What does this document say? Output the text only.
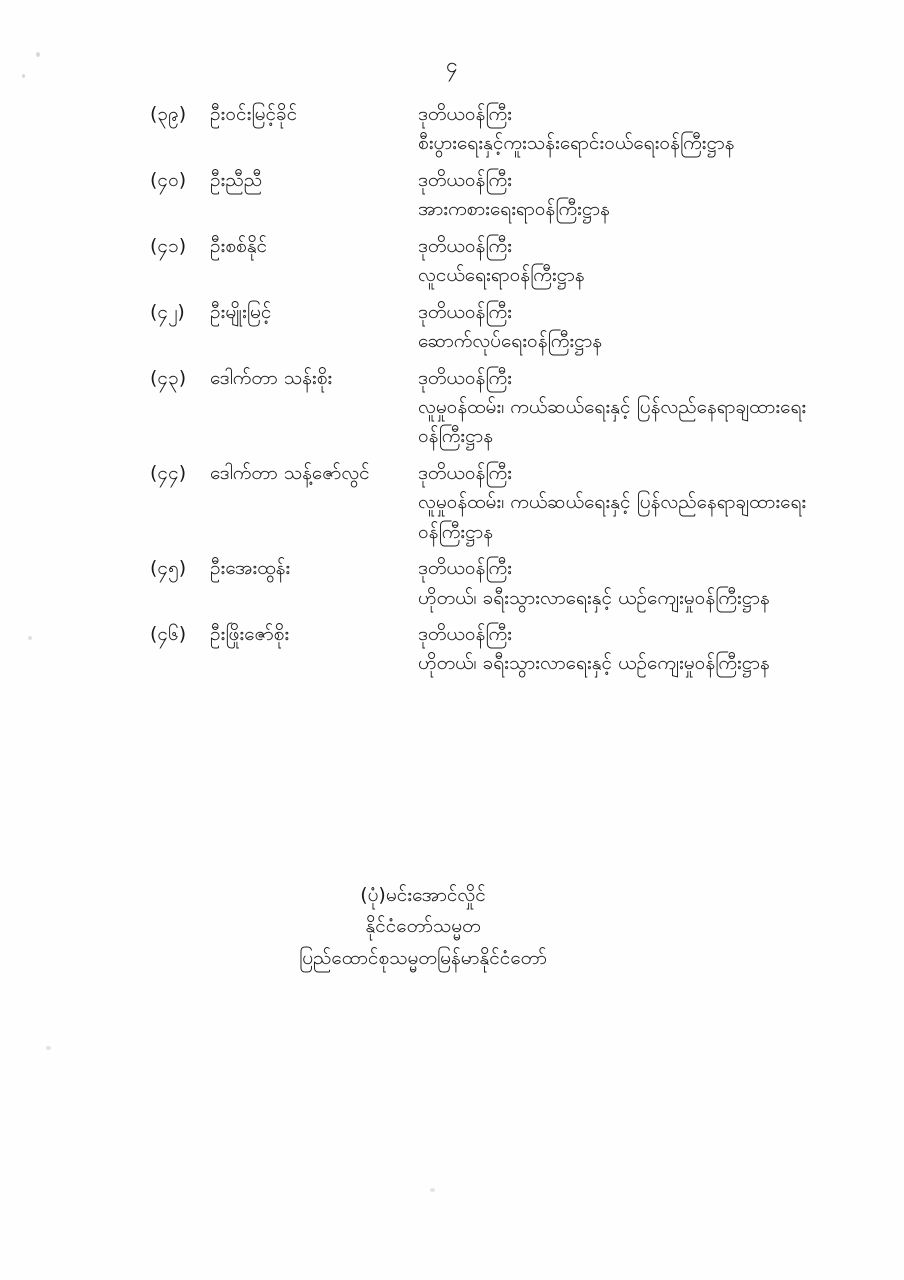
၄
(၃၉)	ဦးဝင်းမြင့်ခိုင်	ဒုတိယဝန်ကြီး
စီးပွားရေးနှင့်ကူးသန်းရောင်းဝယ်ရေးဝန်ကြီးဋ္ဌာန
(၄၀)	ဦးညီညီ	ဒုတိယဝန်ကြီး
အားကစားရေးရာဝန်ကြီးဋ္ဌာန
(၄၁)	ဦးစစ်နိုင်	ဒုတိယဝန်ကြီး
လူငယ်ရေးရာဝန်ကြီးဋ္ဌာန
(၄၂)	ဦးမျိုးမြင့်	ဒုတိယဝန်ကြီး
ဆောက်လုပ်ရေးဝန်ကြီးဋ္ဌာန
(၄၃)	ဒေါက်တာ သန်းစိုး	ဒုတိယဝန်ကြီး
လူမှုဝန်ထမ်း၊ ကယ်ဆယ်ရေးနှင့် ပြန်လည်နေရာချထားရေး
ဝန်ကြီးဋ္ဌာန
(၄၄)	ဒေါက်တာ သန့်ဇော်လွင်	ဒုတိယဝန်ကြီး
လူမှုဝန်ထမ်း၊ ကယ်ဆယ်ရေးနှင့် ပြန်လည်နေရာချထားရေး
ဝန်ကြီးဋ္ဌာန
(၄၅)	ဦးအေးထွန်း	ဒုတိယဝန်ကြီး
ဟိုတယ်၊ ခရီးသွားလာရေးနှင့် ယဉ်ကျေးမှုဝန်ကြီးဋ္ဌာန
(၄၆)	ဦးဖြိုးဇော်စိုး	ဒုတိယဝန်ကြီး
ဟိုတယ်၊ ခရီးသွားလာရေးနှင့် ယဉ်ကျေးမှုဝန်ကြီးဋ္ဌာန
(ပုံ)မင်းအောင်လှိုင်
နိုင်ငံတော်သမ္မတ
ပြည်ထောင်စုသမ္မတမြန်မာနိုင်ငံတော်
